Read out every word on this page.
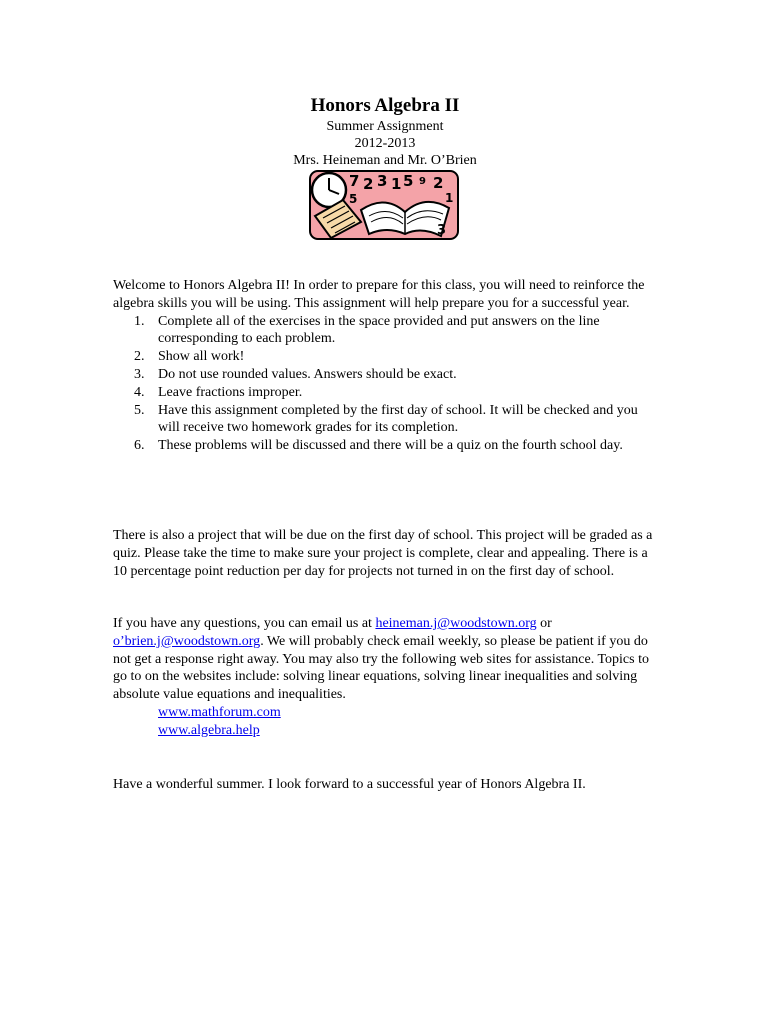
Honors Algebra II

Summer Assignment

2012-2013

Mrs. Heineman and Mr. O’Brien

7 2 3 1 5 2
5	1
3
9

Welcome to Honors Algebra II! In order to prepare for this class, you will need to reinforce the algebra skills you will be using. This assignment will help prepare you for a successful year.

1. Complete all of the exercises in the space provided and put answers on the line corresponding to each problem.
2. Show all work!
3. Do not use rounded values. Answers should be exact.
4. Leave fractions improper.
5. Have this assignment completed by the first day of school. It will be checked and you will receive two homework grades for its completion.
6. These problems will be discussed and there will be a quiz on the fourth school day.

There is also a project that will be due on the first day of school. This project will be graded as a quiz. Please take the time to make sure your project is complete, clear and appealing. There is a 10 percentage point reduction per day for projects not turned in on the first day of school.

If you have any questions, you can email us at heineman.j@woodstown.org or o’brien.j@woodstown.org. We will probably check email weekly, so please be patient if you do not get a response right away. You may also try the following web sites for assistance. Topics to go to on the websites include: solving linear equations, solving linear inequalities and solving absolute value equations and inequalities.

www.mathforum.com
www.algebra.help

Have a wonderful summer. I look forward to a successful year of Honors Algebra II.
